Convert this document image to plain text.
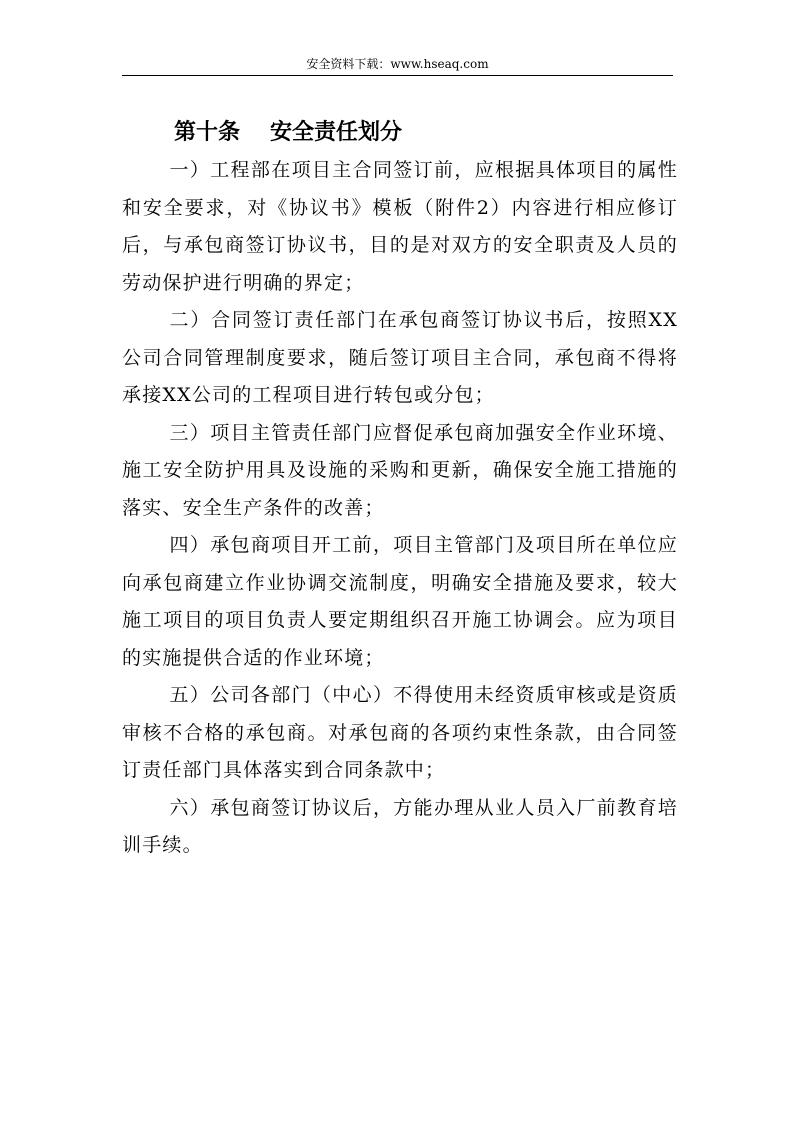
安全资料下载：www.hseaq.com
第十条 安全责任划分

一）工程部在项目主合同签订前，应根据具体项目的属性和安全要求，对《协议书》模板（附件2）内容进行相应修订后，与承包商签订协议书，目的是对双方的安全职责及人员的劳动保护进行明确的界定；

二）合同签订责任部门在承包商签订协议书后，按照XX公司合同管理制度要求，随后签订项目主合同，承包商不得将承接XX公司的工程项目进行转包或分包；

三）项目主管责任部门应督促承包商加强安全作业环境、施工安全防护用具及设施的采购和更新，确保安全施工措施的落实、安全生产条件的改善；

四）承包商项目开工前，项目主管部门及项目所在单位应向承包商建立作业协调交流制度，明确安全措施及要求，较大施工项目的项目负责人要定期组织召开施工协调会。应为项目的实施提供合适的作业环境；

五）公司各部门（中心）不得使用未经资质审核或是资质审核不合格的承包商。对承包商的各项约束性条款，由合同签订责任部门具体落实到合同条款中；

六）承包商签订协议后，方能办理从业人员入厂前教育培训手续。
